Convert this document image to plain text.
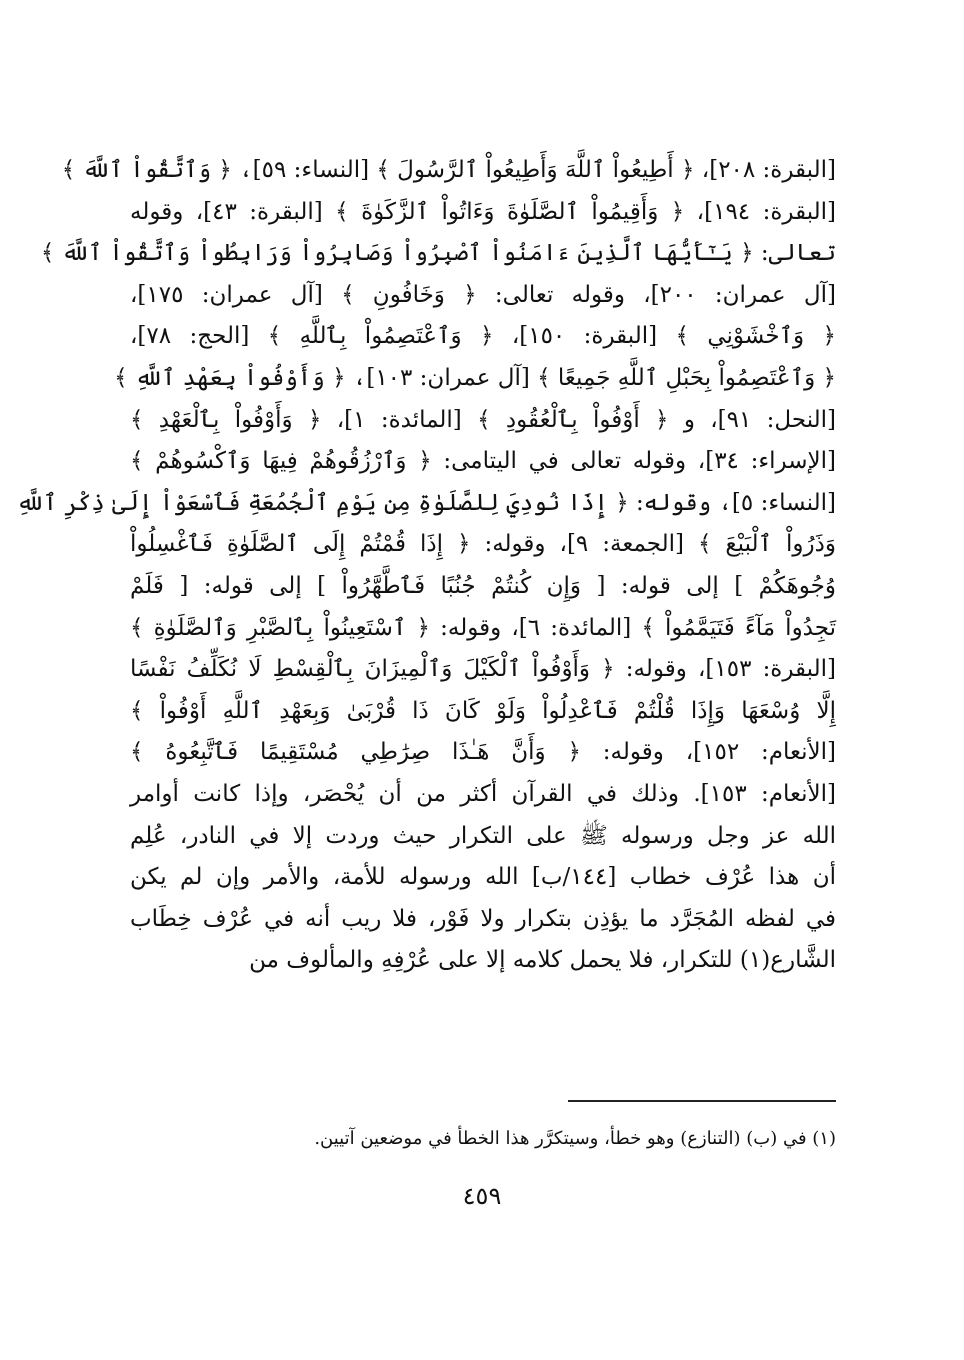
[البقرة: ٢٠٨]، ﴿ أَطِيعُواْ ٱللَّهَ وَأَطِيعُواْ ٱلرَّسُولَ ﴾ [النساء: ٥٩]، ﴿ وَٱتَّقُواْ ٱللَّهَ ﴾
[البقرة: ١٩٤]، ﴿ وَأَقِيمُواْ ٱلصَّلَوٰةَ وَءَاتُواْ ٱلزَّكَوٰةَ ﴾ [البقرة: ٤٣]، وقوله
تعالى: ﴿ يَـٰٓأَيُّهَا ٱلَّذِينَ ءَامَنُواْ ٱصْبِرُواْ وَصَابِرُواْ وَرَابِطُواْ وَٱتَّقُواْ ٱللَّهَ ﴾
[آل عمران: ٢٠٠]، وقوله تعالى: ﴿ وَخَافُونِ ﴾ [آل عمران: ١٧٥]،
﴿ وَٱخْشَوْنِي ﴾ [البقرة: ١٥٠]، ﴿ وَٱعْتَصِمُواْ بِٱللَّهِ ﴾ [الحج: ٧٨]،
﴿ وَٱعْتَصِمُواْ بِحَبْلِ ٱللَّهِ جَمِيعًا ﴾ [آل عمران: ١٠٣]، ﴿ وَأَوْفُواْ بِعَهْدِ ٱللَّهِ ﴾
[النحل: ٩١]، و ﴿ أَوْفُواْ بِٱلْعُقُودِ ﴾ [المائدة: ١]، ﴿ وَأَوْفُواْ بِٱلْعَهْدِ ﴾
[الإسراء: ٣٤]، وقوله تعالى في اليتامى: ﴿ وَٱرْزُقُوهُمْ فِيهَا وَٱكْسُوهُمْ ﴾
[النساء: ٥]، وقوله: ﴿ إِذَا نُودِيَ لِلصَّلَوٰةِ مِن يَوْمِ ٱلْجُمُعَةِ فَٱسْعَوْاْ إِلَىٰ ذِكْرِ ٱللَّهِ
وَذَرُواْ ٱلْبَيْعَ ﴾ [الجمعة: ٩]، وقوله: ﴿ إِذَا قُمْتُمْ إِلَى ٱلصَّلَوٰةِ فَٱغْسِلُواْ
وُجُوهَكُمْ ] إلى قوله: [ وَإِن كُنتُمْ جُنُبًا فَٱطَّهَّرُواْ ] إلى قوله: [ فَلَمْ
تَجِدُواْ مَآءً فَتَيَمَّمُواْ ﴾ [المائدة: ٦]، وقوله: ﴿ ٱسْتَعِينُواْ بِٱلصَّبْرِ وَٱلصَّلَوٰةِ ﴾
[البقرة: ١٥٣]، وقوله: ﴿ وَأَوْفُواْ ٱلْكَيْلَ وَٱلْمِيزَانَ بِٱلْقِسْطِ لَا نُكَلِّفُ نَفْسًا
إِلَّا وُسْعَهَا وَإِذَا قُلْتُمْ فَٱعْدِلُواْ وَلَوْ كَانَ ذَا قُرْبَىٰ وَبِعَهْدِ ٱللَّهِ أَوْفُواْ ﴾
[الأنعام: ١٥٢]، وقوله: ﴿ وَأَنَّ هَـٰذَا صِرَٰطِي مُسْتَقِيمًا فَٱتَّبِعُوهُ ﴾
[الأنعام: ١٥٣]. وذلك في القرآن أكثر من أن يُحْصَر، وإذا كانت أوامر
الله عز وجل ورسوله ﷺ على التكرار حيث وردت إلا في النادر، عُلِم
أن هذا عُرْف خطاب [١٤٤/ب] الله ورسوله للأمة، والأمر وإن لم يكن
في لفظه المُجَرَّد ما يؤذِن بتكرار ولا فَوْر، فلا ريب أنه في عُرْف خِطَاب
الشَّارع(١) للتكرار، فلا يحمل كلامه إلا على عُرْفِهِ والمألوف من
(١) في (ب) (التنازع) وهو خطأ، وسيتكرَّر هذا الخطأ في موضعين آتيين.
٤٥٩
